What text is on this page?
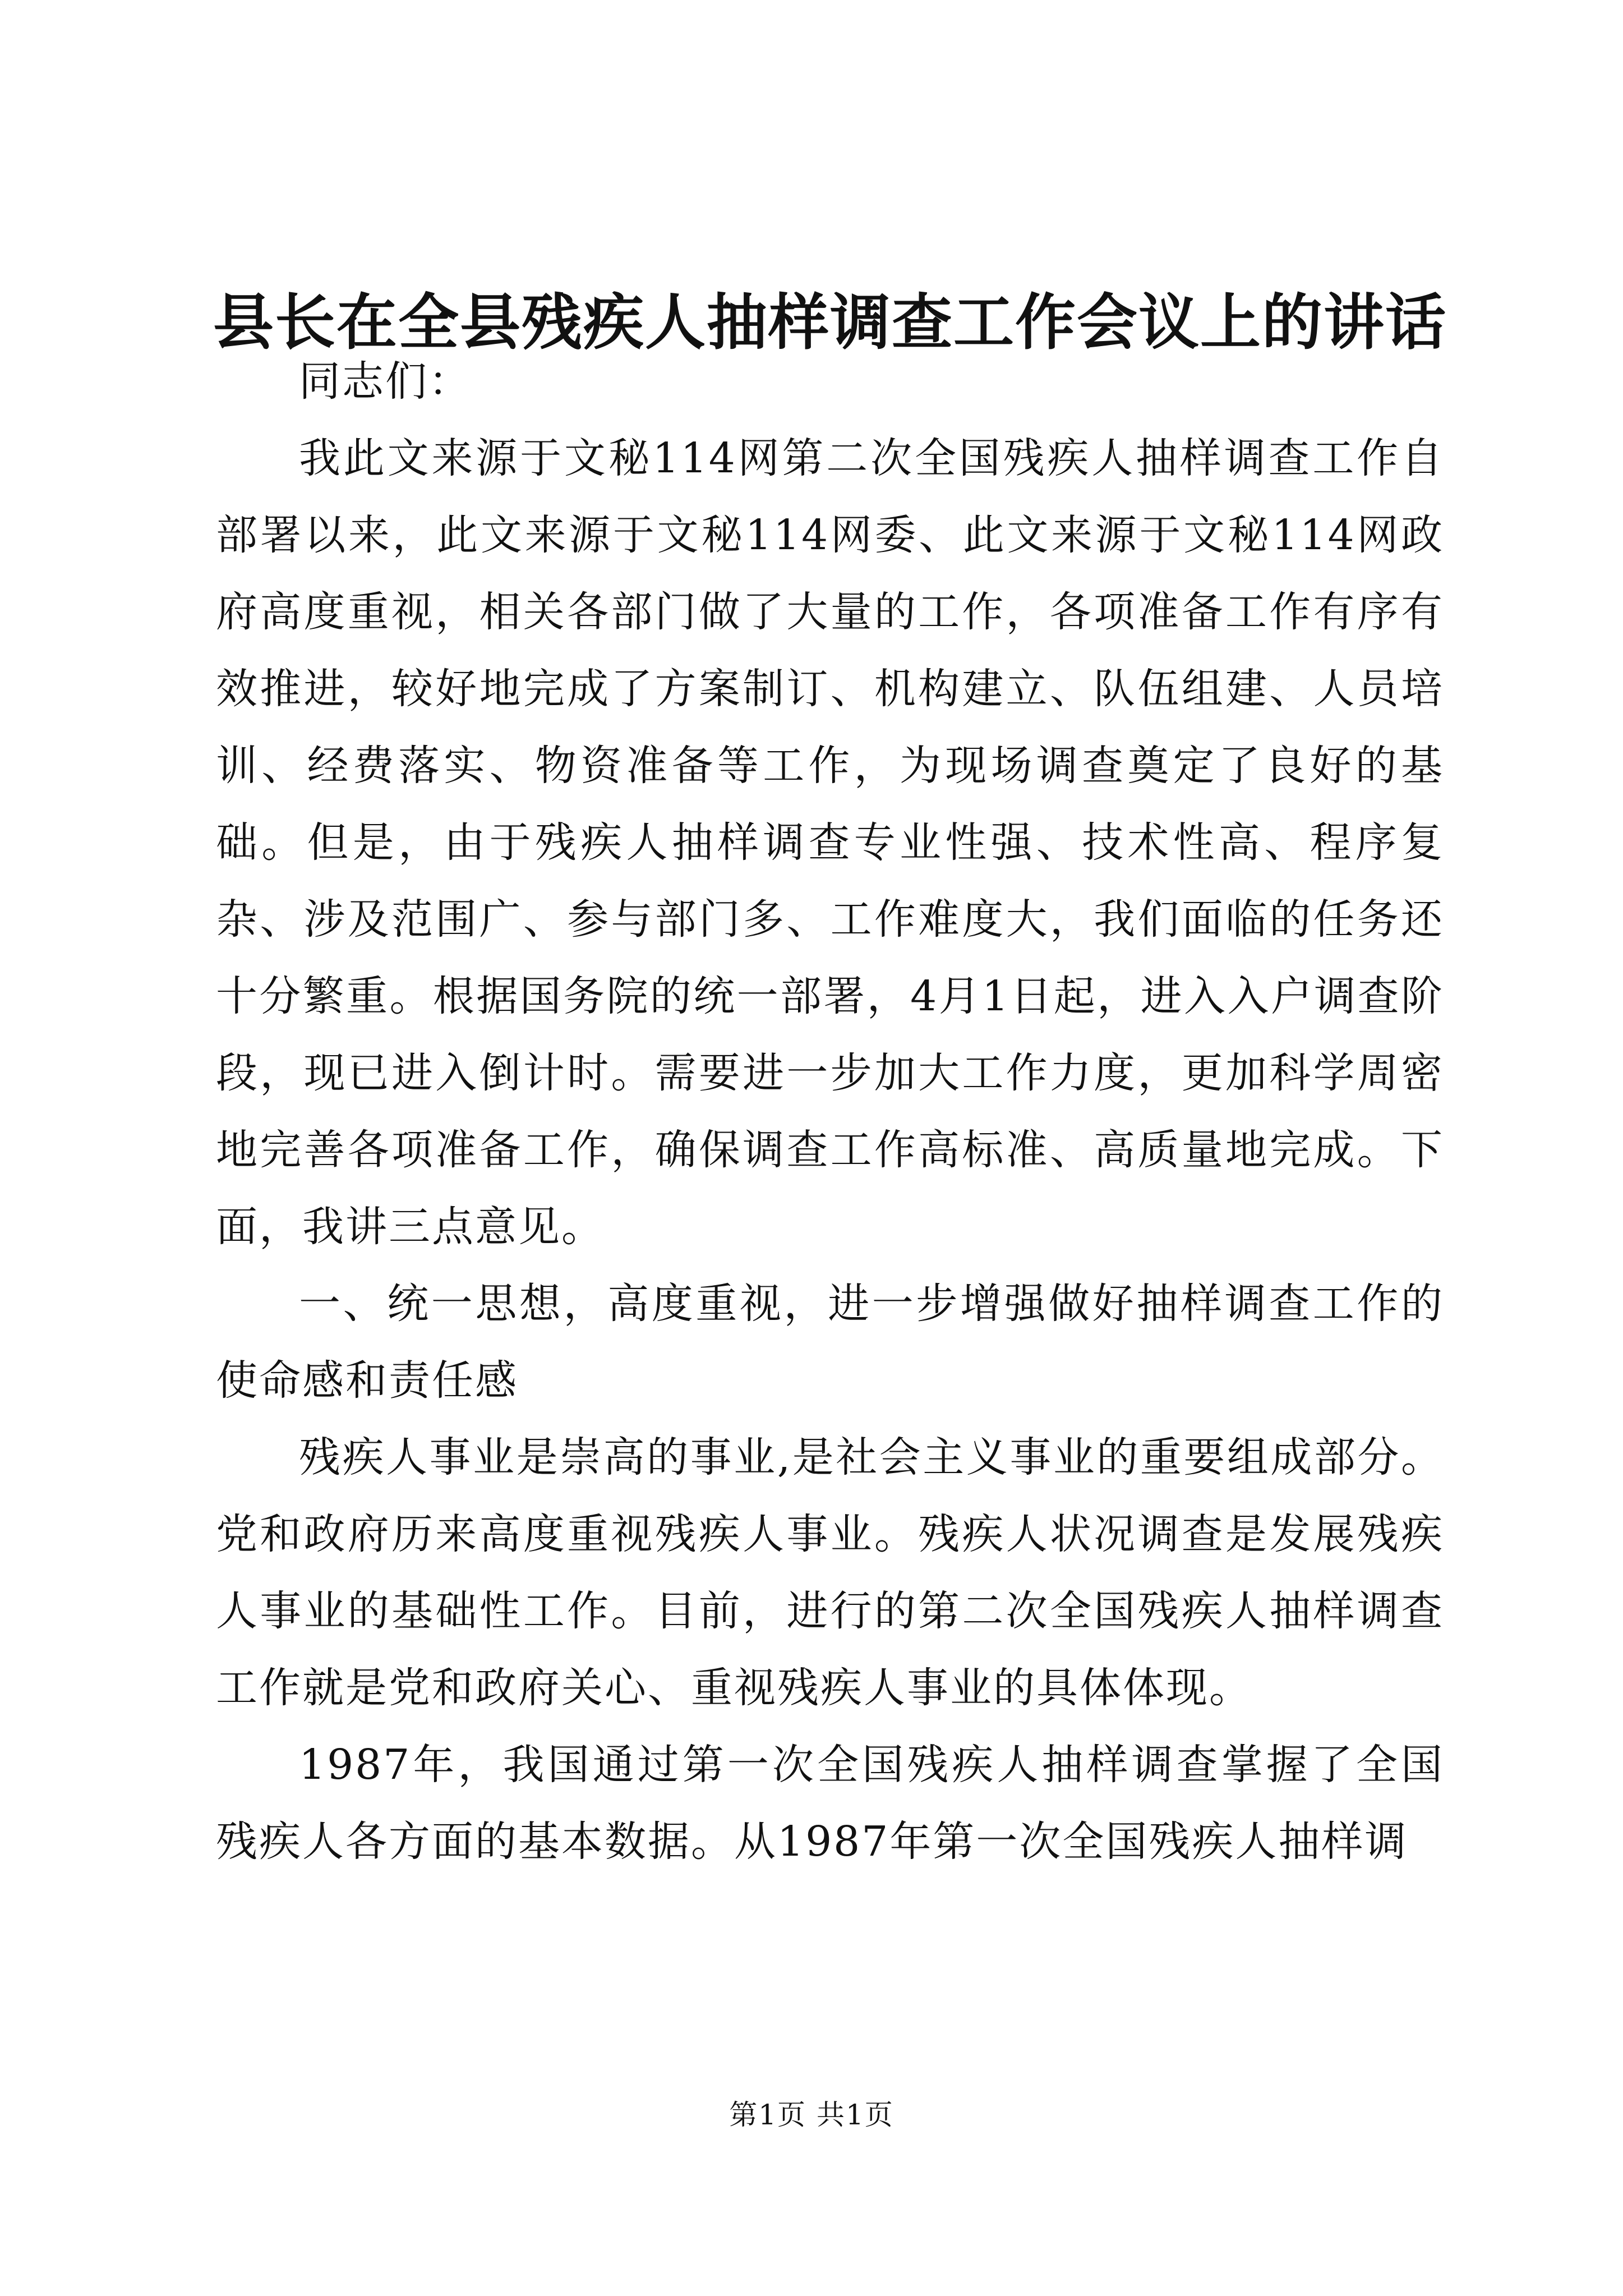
县长在全县残疾人抽样调查工作会议上的讲话

同志们：

我此文来源于文秘114网第二次全国残疾人抽样调查工作自部署以来，此文来源于文秘114网委、此文来源于文秘114网政府高度重视，相关各部门做了大量的工作，各项准备工作有序有效推进，较好地完成了方案制订、机构建立、队伍组建、人员培训、经费落实、物资准备等工作，为现场调查奠定了良好的基础。但是，由于残疾人抽样调查专业性强、技术性高、程序复杂、涉及范围广、参与部门多、工作难度大，我们面临的任务还十分繁重。根据国务院的统一部署，4月1日起，进入入户调查阶段，现已进入倒计时。需要进一步加大工作力度，更加科学周密地完善各项准备工作，确保调查工作高标准、高质量地完成。下面，我讲三点意见。

一、统一思想，高度重视，进一步增强做好抽样调查工作的使命感和责任感

残疾人事业是崇高的事业,是社会主义事业的重要组成部分。党和政府历来高度重视残疾人事业。残疾人状况调查是发展残疾人事业的基础性工作。目前，进行的第二次全国残疾人抽样调查工作就是党和政府关心、重视残疾人事业的具体体现。

1987年，我国通过第一次全国残疾人抽样调查掌握了全国残疾人各方面的基本数据。从1987年第一次全国残疾人抽样调

第1页 共1页
